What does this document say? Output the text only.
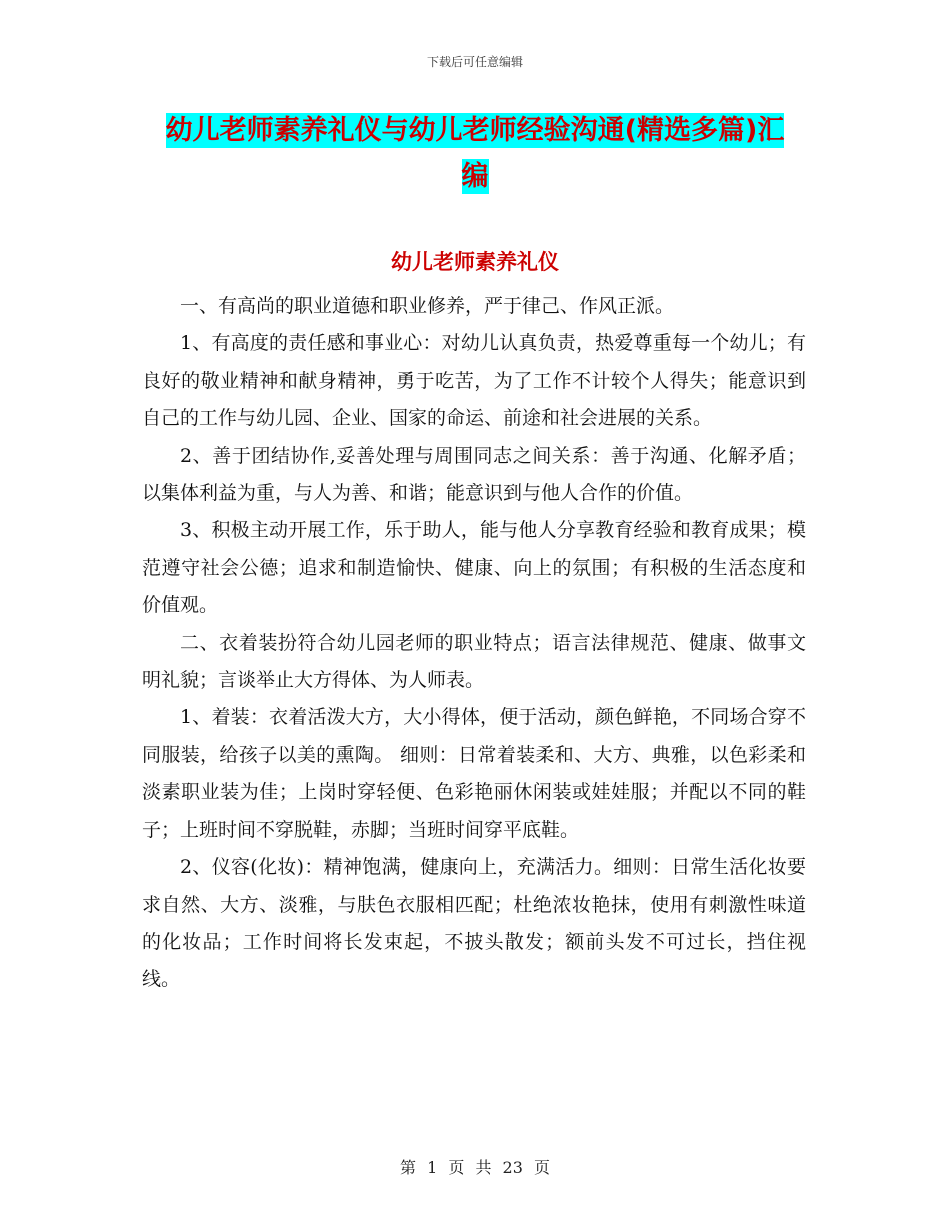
下载后可任意编辑
幼儿老师素养礼仪与幼儿老师经验沟通(精选多篇)汇
编
幼儿老师素养礼仪

一、有高尚的职业道德和职业修养，严于律己、作风正派。

1、有高度的责任感和事业心：对幼儿认真负责，热爱尊重每一个幼儿；有良好的敬业精神和献身精神，勇于吃苦，为了工作不计较个人得失；能意识到自己的工作与幼儿园、企业、国家的命运、前途和社会进展的关系。

2、善于团结协作,妥善处理与周围同志之间关系：善于沟通、化解矛盾；以集体利益为重，与人为善、和谐；能意识到与他人合作的价值。

3、积极主动开展工作，乐于助人，能与他人分享教育经验和教育成果；模范遵守社会公德；追求和制造愉快、健康、向上的氛围；有积极的生活态度和价值观。

二、衣着装扮符合幼儿园老师的职业特点；语言法律规范、健康、做事文明礼貌；言谈举止大方得体、为人师表。

1、着装：衣着活泼大方，大小得体，便于活动，颜色鲜艳，不同场合穿不同服装，给孩子以美的熏陶。 细则：日常着装柔和、大方、典雅，以色彩柔和淡素职业装为佳；上岗时穿轻便、色彩艳丽休闲装或娃娃服；并配以不同的鞋子；上班时间不穿脱鞋，赤脚；当班时间穿平底鞋。

2、仪容(化妆)：精神饱满，健康向上，充满活力。细则：日常生活化妆要求自然、大方、淡雅，与肤色衣服相匹配；杜绝浓妆艳抹，使用有刺激性味道的化妆品；工作时间将长发束起，不披头散发；额前头发不可过长，挡住视线。

第 1 页 共 23 页
